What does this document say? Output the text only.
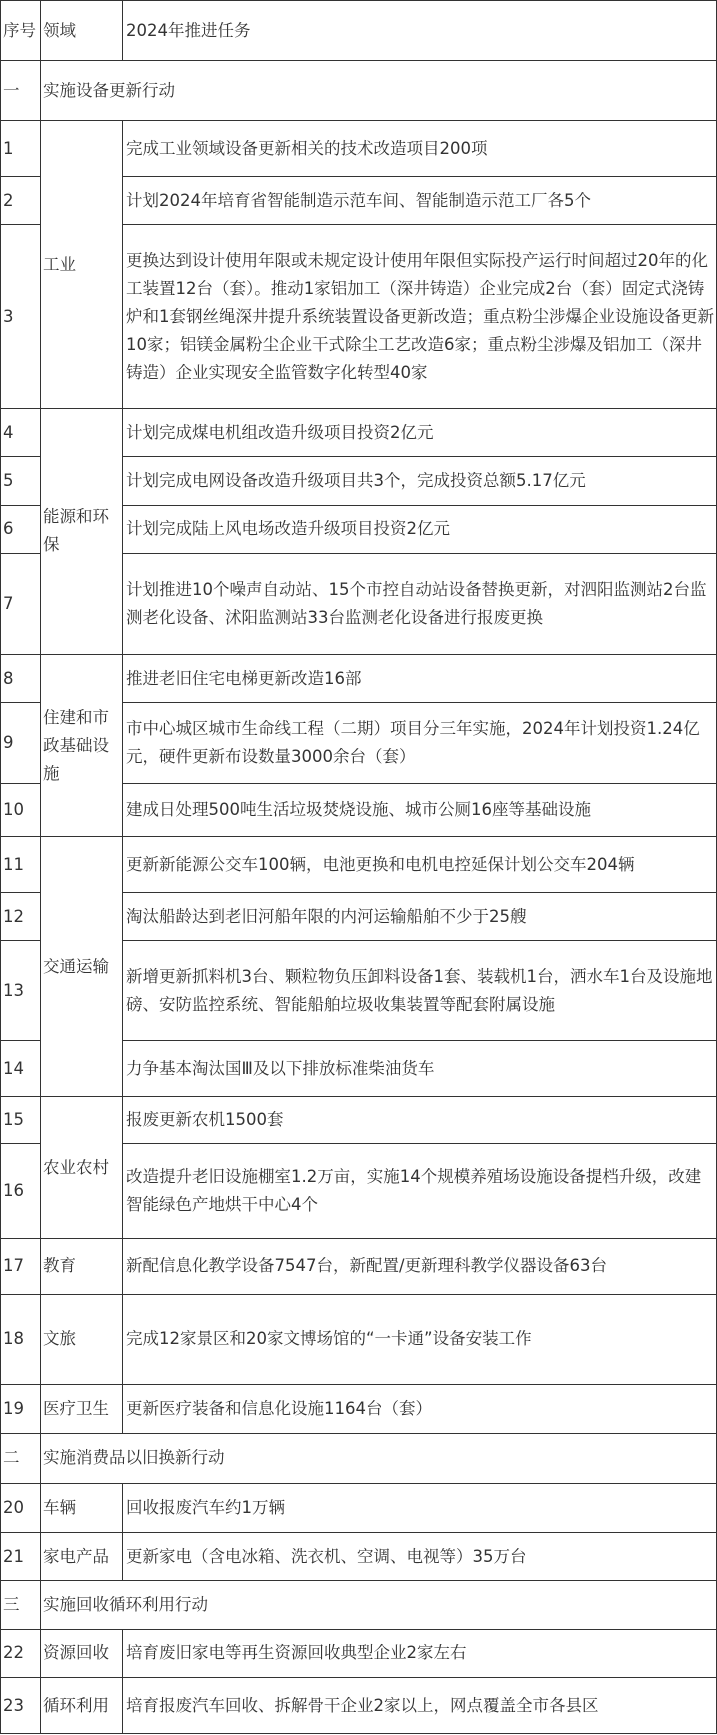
序号	领域	2024年推进任务
一	实施设备更新行动	
1	工业	完成工业领域设备更新相关的技术改造项目200项
2		计划2024年培育省智能制造示范车间、智能制造示范工厂各5个
3		更换达到设计使用年限或未规定设计使用年限但实际投产运行时间超过20年的化工装置12台（套）。推动1家铝加工（深井铸造）企业完成2台（套）固定式浇铸炉和1套钢丝绳深井提升系统装置设备更新改造；重点粉尘涉爆企业设施设备更新10家；铝镁金属粉尘企业干式除尘工艺改造6家；重点粉尘涉爆及铝加工（深井铸造）企业实现安全监管数字化转型40家
4	能源和环保	计划完成煤电机组改造升级项目投资2亿元
5		计划完成电网设备改造升级项目共3个，完成投资总额5.17亿元
6		计划完成陆上风电场改造升级项目投资2亿元
7		计划推进10个噪声自动站、15个市控自动站设备替换更新，对泗阳监测站2台监测老化设备、沭阳监测站33台监测老化设备进行报废更换
8	住建和市政基础设施	推进老旧住宅电梯更新改造16部
9		市中心城区城市生命线工程（二期）项目分三年实施，2024年计划投资1.24亿元，硬件更新布设数量3000余台（套）
10		建成日处理500吨生活垃圾焚烧设施、城市公厕16座等基础设施
11	交通运输	更新新能源公交车100辆，电池更换和电机电控延保计划公交车204辆
12		淘汰船龄达到老旧河船年限的内河运输船舶不少于25艘
13		新增更新抓料机3台、颗粒物负压卸料设备1套、装载机1台，洒水车1台及设施地磅、安防监控系统、智能船舶垃圾收集装置等配套附属设施
14		力争基本淘汰国Ⅲ及以下排放标准柴油货车
15	农业农村	报废更新农机1500套
16		改造提升老旧设施棚室1.2万亩，实施14个规模养殖场设施设备提档升级，改建智能绿色产地烘干中心4个
17	教育	新配信息化教学设备7547台，新配置/更新理科教学仪器设备63台
18	文旅	完成12家景区和20家文博场馆的“一卡通”设备安装工作
19	医疗卫生	更新医疗装备和信息化设施1164台（套）
二	实施消费品以旧换新行动	
20	车辆	回收报废汽车约1万辆
21	家电产品	更新家电（含电冰箱、洗衣机、空调、电视等）35万台
三	实施回收循环利用行动	
22	资源回收	培育废旧家电等再生资源回收典型企业2家左右
23	循环利用	培育报废汽车回收、拆解骨干企业2家以上，网点覆盖全市各县区
